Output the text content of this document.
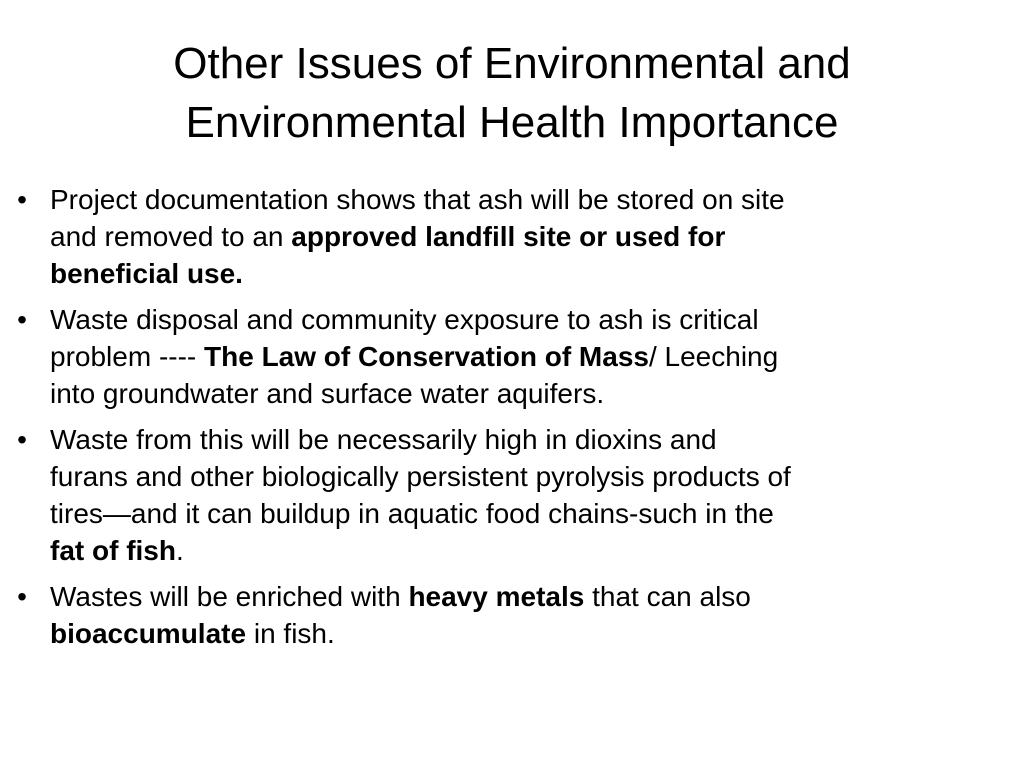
Other Issues of Environmental and
Environmental Health Importance
• Project documentation shows that ash will be stored on site
and removed to an approved landfill site or used for
beneficial use.
• Waste disposal and community exposure to ash is critical
problem ---- The Law of Conservation of Mass/ Leeching
into groundwater and surface water aquifers.
• Waste from this will be necessarily high in dioxins and
furans and other biologically persistent pyrolysis products of
tires—and it can buildup in aquatic food chains-such in the
fat of fish.
• Wastes will be enriched with heavy metals that can also
bioaccumulate in fish.
